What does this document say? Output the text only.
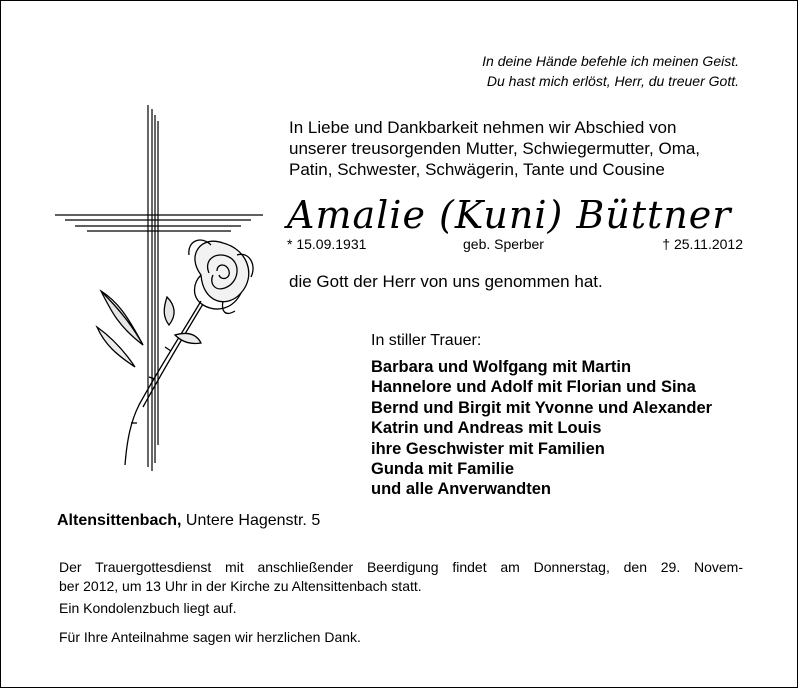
In deine Hände befehle ich meinen Geist.
Du hast mich erlöst, Herr, du treuer Gott.
In Liebe und Dankbarkeit nehmen wir Abschied von
unserer treusorgenden Mutter, Schwiegermutter, Oma,
Patin, Schwester, Schwägerin, Tante und Cousine
Amalie (Kuni) Büttner
* 15.09.1931	geb. Sperber	† 25.11.2012
die Gott der Herr von uns genommen hat.
In stiller Trauer:
Barbara und Wolfgang mit Martin
Hannelore und Adolf mit Florian und Sina
Bernd und Birgit mit Yvonne und Alexander
Katrin und Andreas mit Louis
ihre Geschwister mit Familien
Gunda mit Familie
und alle Anverwandten
Altensittenbach, Untere Hagenstr. 5
Der Trauergottesdienst mit anschließender Beerdigung findet am Donnerstag, den 29. Novem-
ber 2012, um 13 Uhr in der Kirche zu Altensittenbach statt.
Ein Kondolenzbuch liegt auf.
Für Ihre Anteilnahme sagen wir herzlichen Dank.
